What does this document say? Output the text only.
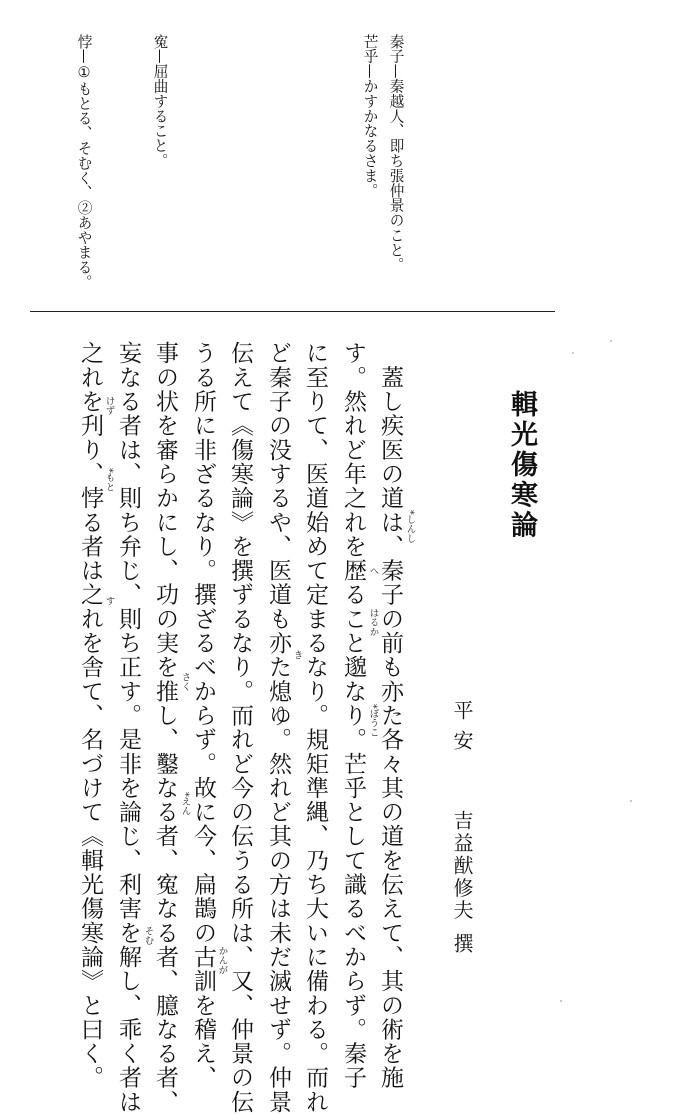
秦子—秦越人、即ち張仲景のこと。
芒乎—かすかなるさま。
寃—屈曲すること。
悖—①もとる、そむく、②あやまる。
輯光傷寒論
平安
吉益猷修夫
撰
　蓋し疾医の道は、秦子の前も亦た各々其の道を伝えて、其の術を施
す。然れど年之れを歴ること邈なり。芒乎として識るべからず。秦子
に至りて、医道始めて定まるなり。規矩準縄、乃ち大いに備わる。而れ
ど秦子の没するや、医道も亦た熄ゆ。然れど其の方は未だ滅せず。仲景
伝えて《傷寒論》を撰ずるなり。而れど今の伝うる所は、又、仲景の伝
うる所に非ざるなり。撰ざるべからず。故に今、扁鵲の古訓を稽え、
事の状を審らかにし、功の実を推し、鑿なる者、寃なる者、臆なる者、
妄なる者は、則ち弁じ、則ち正す。是非を論じ、利害を解し、乖く者は
之れを刋り、悖る者は之れを舎て、名づけて《輯光傷寒論》と曰く。	*しんし
へ
はるか
*ぼうこ
き
かんが
さく
*えん
そむ
けず
*もと
す
